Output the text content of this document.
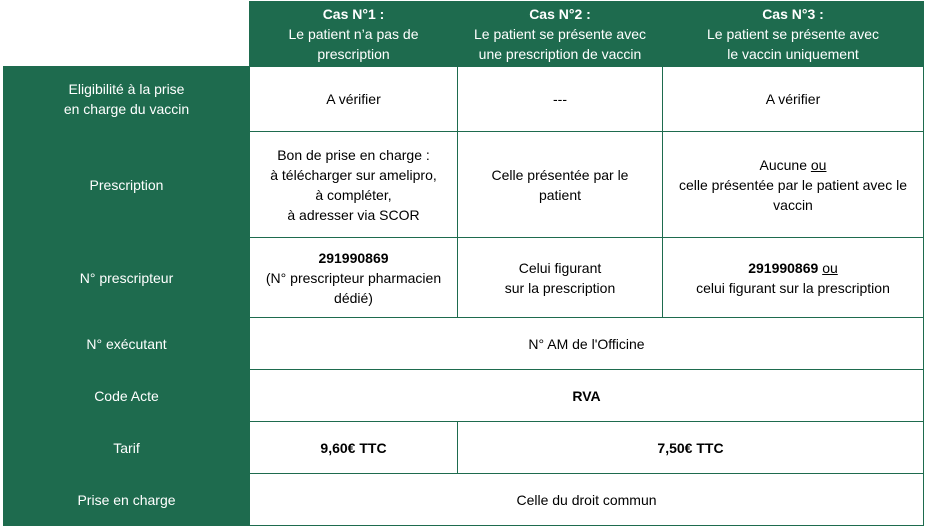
	Cas N°1 :
Le patient n’a pas de
prescription	Cas N°2 :
Le patient se présente avec
une prescription de vaccin	Cas N°3 :
Le patient se présente avec
le vaccin uniquement

Eligibilité à la prise
en charge du vaccin	A vérifier	---	A vérifier
Prescription	Bon de prise en charge :
à télécharger sur amelipro,
à compléter,
à adresser via SCOR	Celle présentée par le
patient	Aucune ou
celle présentée par le patient avec le
vaccin

N° prescripteur	291990869
(N° prescripteur pharmacien
dédié)	Celui figurant
sur la prescription	291990869 ou
celui figurant sur la prescription

N° exécutant	N° AM de l'Officine		
Code Acte	RVA		
Tarif	9,60€ TTC	7,50€ TTC	
Prise en charge	Celle du droit commun		
